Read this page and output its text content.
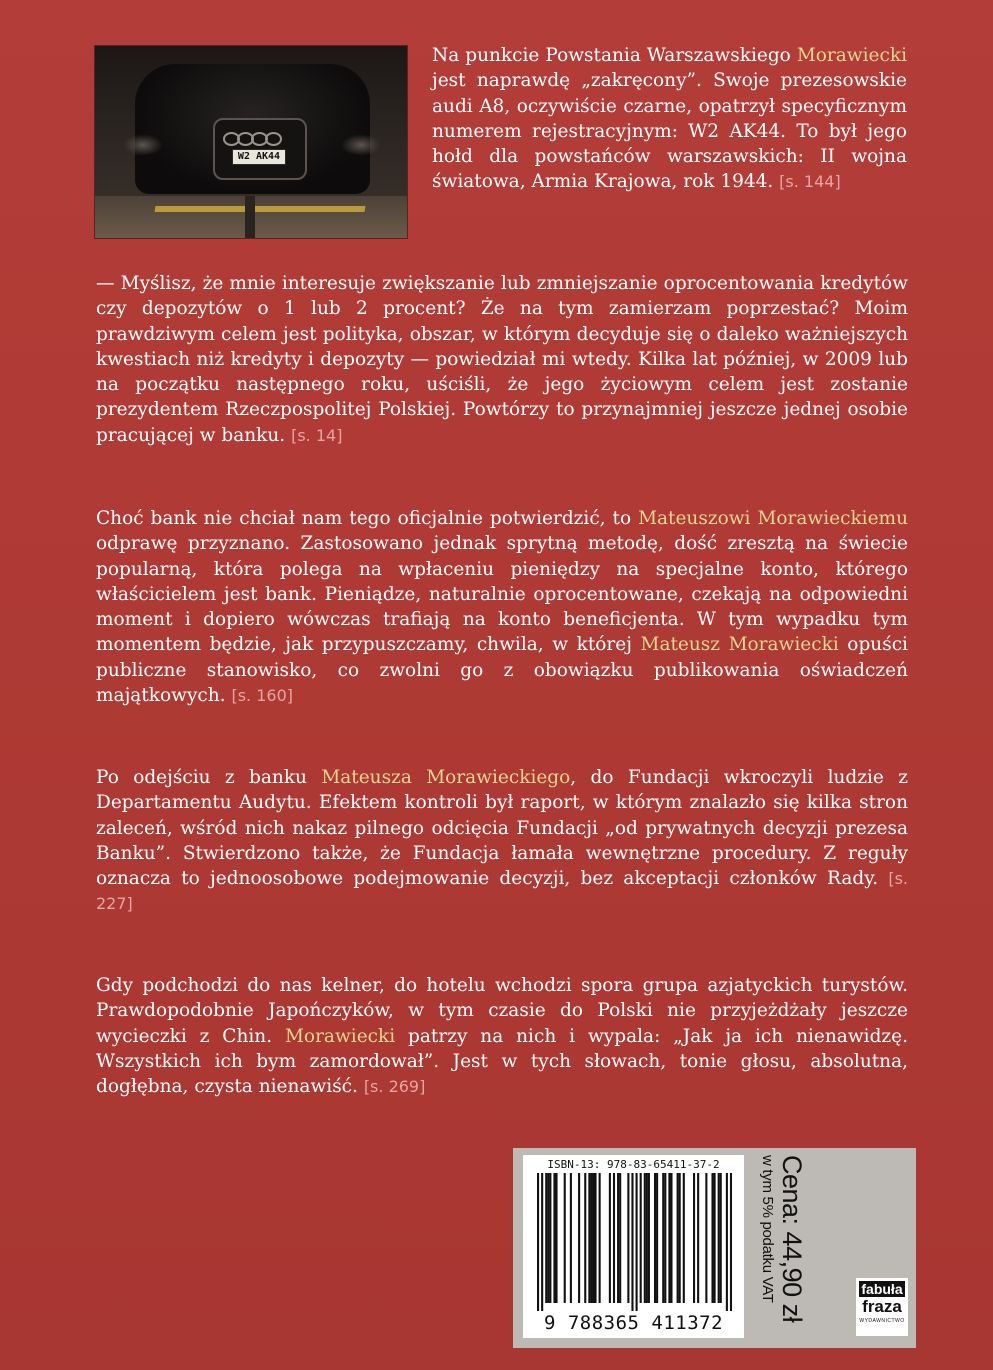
W2 AK44

Na punkcie Powstania Warszawskiego Morawiecki jest naprawdę „zakręcony”. Swoje prezesowskie audi A8, oczywiście czarne, opatrzył specyficznym numerem rejestracyjnym: W2 AK44. To był jego hołd dla powstańców warszawskich: II wojna światowa, Armia Krajowa, rok 1944. [s. 144]

— Myślisz, że mnie interesuje zwiększanie lub zmniejszanie oprocentowania kredytów czy depozytów o 1 lub 2 procent? Że na tym zamierzam poprzestać? Moim prawdziwym celem jest polityka, obszar, w którym decyduje się o daleko ważniejszych kwestiach niż kredyty i depozyty — powiedział mi wtedy. Kilka lat później, w 2009 lub na początku następnego roku, uściśli, że jego życiowym celem jest zostanie prezydentem Rzeczpospolitej Polskiej. Powtórzy to przynajmniej jeszcze jednej osobie pracującej w banku. [s. 14]

Choć bank nie chciał nam tego oficjalnie potwierdzić, to Mateuszowi Morawieckiemu odprawę przyznano. Zastosowano jednak sprytną metodę, dość zresztą na świecie popularną, która polega na wpłaceniu pieniędzy na specjalne konto, którego właścicielem jest bank. Pieniądze, naturalnie oprocentowane, czekają na odpowiedni moment i dopiero wówczas trafiają na konto beneficjenta. W tym wypadku tym momentem będzie, jak przypuszczamy, chwila, w której Mateusz Morawiecki opuści publiczne stanowisko, co zwolni go z obowiązku publikowania oświadczeń majątkowych. [s. 160]

Po odejściu z banku Mateusza Morawieckiego, do Fundacji wkroczyli ludzie z Departamentu Audytu. Efektem kontroli był raport, w którym znalazło się kilka stron zaleceń, wśród nich nakaz pilnego odcięcia Fundacji „od prywatnych decyzji prezesa Banku”. Stwierdzono także, że Fundacja łamała wewnętrzne procedury. Z reguły oznacza to jednoosobowe podejmowanie decyzji, bez akceptacji członków Rady. [s. 227]

Gdy podchodzi do nas kelner, do hotelu wchodzi spora grupa azjatyckich turystów. Prawdopodobnie Japończyków, w tym czasie do Polski nie przyjeżdżały jeszcze wycieczki z Chin. Morawiecki patrzy na nich i wypala: „Jak ja ich nienawidzę. Wszystkich ich bym zamordował”. Jest w tych słowach, tonie głosu, absolutna, dogłębna, czysta nienawiść. [s. 269]

ISBN-13: 978-83-65411-37-2
9 788365 411372
Cena: 44,90 zł
w tym 5% podatku VAT	fabuła
fraza
WYDAWNICTWO
